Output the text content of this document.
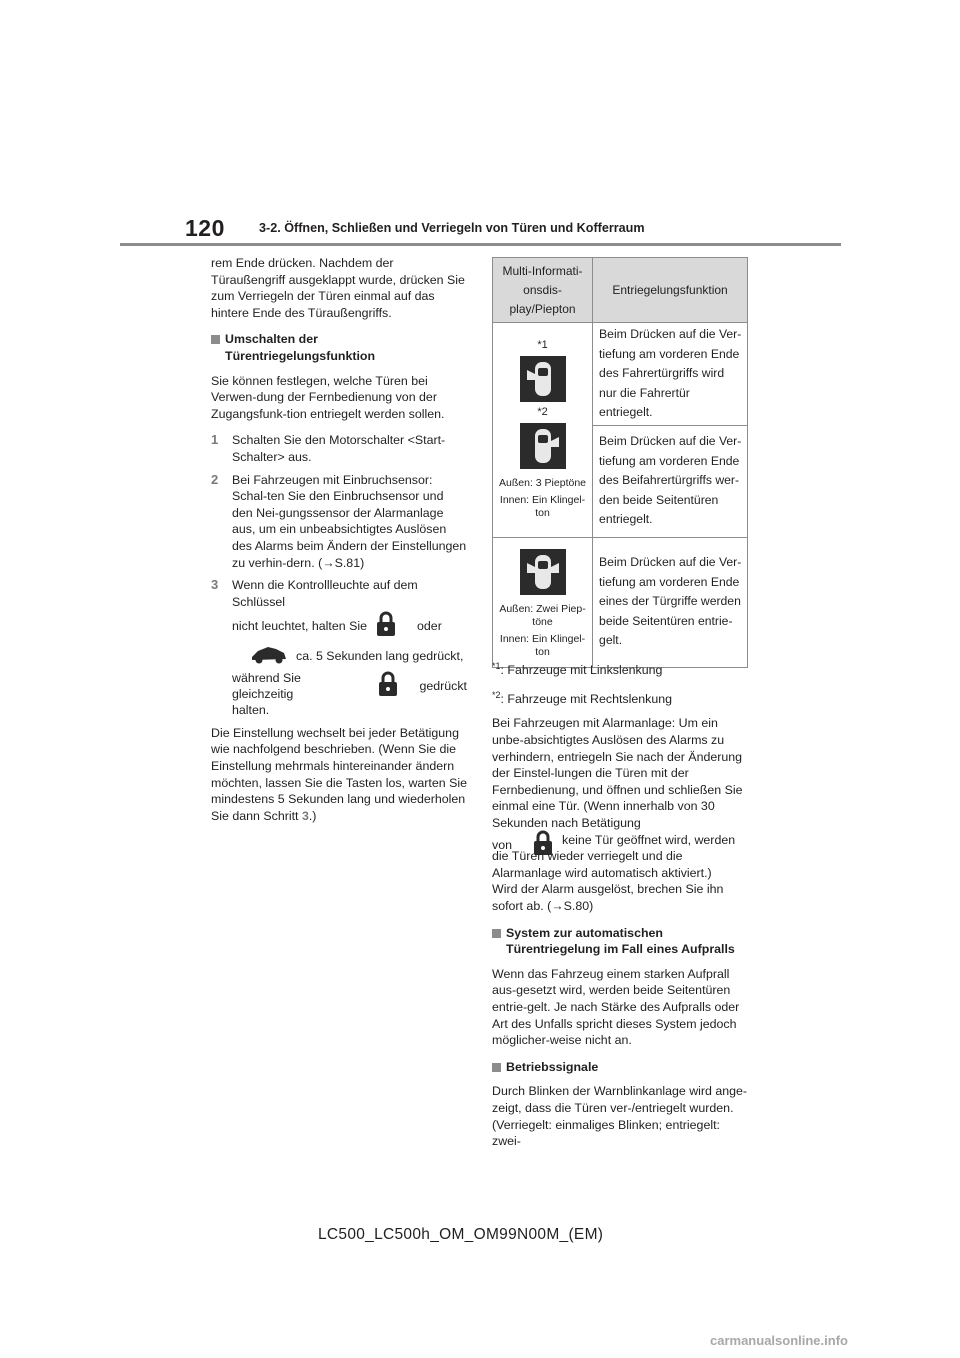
120	3-2. Öffnen, Schließen und Verriegeln von Türen und Kofferraum

rem Ende drücken. Nachdem der Türaußengriff ausgeklappt wurde, drücken Sie zum Verriegeln der Türen einmal auf das hintere Ende des Türaußengriffs.

Umschalten der Türentriegelungsfunktion

Sie können festlegen, welche Türen bei Verwen-dung der Fernbedienung von der Zugangsfunk-tion entriegelt werden sollen.

1	Schalten Sie den Motorschalter <Start-Schalter> aus.
2	Bei Fahrzeugen mit Einbruchsensor: Schal-ten Sie den Einbruchsensor und den Nei-gungssensor der Alarmanlage aus, um ein unbeabsichtigtes Auslösen des Alarms beim Ändern der Einstellungen zu verhin-dern. (→S.81)
3	Wenn die Kontrollleuchte auf dem Schlüssel
nicht leuchtet, halten Sie	oder
ca. 5 Sekunden lang gedrückt,
während Sie gleichzeitig
gedrückt
halten.

Die Einstellung wechselt bei jeder Betätigung wie nachfolgend beschrieben. (Wenn Sie die Einstellung mehrmals hintereinander ändern möchten, lassen Sie die Tasten los, warten Sie mindestens 5 Sekunden lang und wiederholen Sie dann Schritt 3.)

Multi-Informati-onsdis-play/Piepton	Entriegelungsfunktion

*1
*2
Außen: 3 Pieptöne
Innen: Ein Klingel-ton	Beim Drücken auf die Ver-tiefung am vorderen Ende des Fahrertürgriffs wird nur die Fahrertür entriegelt.
	Beim Drücken auf die Ver-tiefung am vorderen Ende des Beifahrertürgriffs wer-den beide Seitentüren entriegelt.

Außen: Zwei Piep-töne
Innen: Ein Klingel-ton	Beim Drücken auf die Ver-tiefung am vorderen Ende eines der Türgriffe werden beide Seitentüren entrie-gelt.
$^{*1}$: Fahrzeuge mit Linkslenkung
$^{*2}$: Fahrzeuge mit Rechtslenkung

Bei Fahrzeugen mit Alarmanlage: Um ein unbe-absichtigtes Auslösen des Alarms zu verhindern, entriegeln Sie nach der Änderung der Einstel-lungen die Türen mit der Fernbedienung, und öffnen und schließen Sie einmal eine Tür. (Wenn innerhalb von 30 Sekunden nach Betätigung

von	keine Tür geöffnet wird, werden die Türen wieder verriegelt und die Alarmanlage wird automatisch aktiviert.)

Wird der Alarm ausgelöst, brechen Sie ihn sofort ab. (→S.80)

System zur automatischen Türentriegelung im Fall eines Aufpralls

Wenn das Fahrzeug einem starken Aufprall aus-gesetzt wird, werden beide Seitentüren entrie-gelt. Je nach Stärke des Aufpralls oder Art des Unfalls spricht dieses System jedoch möglicher-weise nicht an.

Betriebssignale

Durch Blinken der Warnblinkanlage wird ange-zeigt, dass die Türen ver-/entriegelt wurden. (Verriegelt: einmaliges Blinken; entriegelt: zwei-

LC500_LC500h_OM_OM99N00M_(EM)
carmanualsonline.info
